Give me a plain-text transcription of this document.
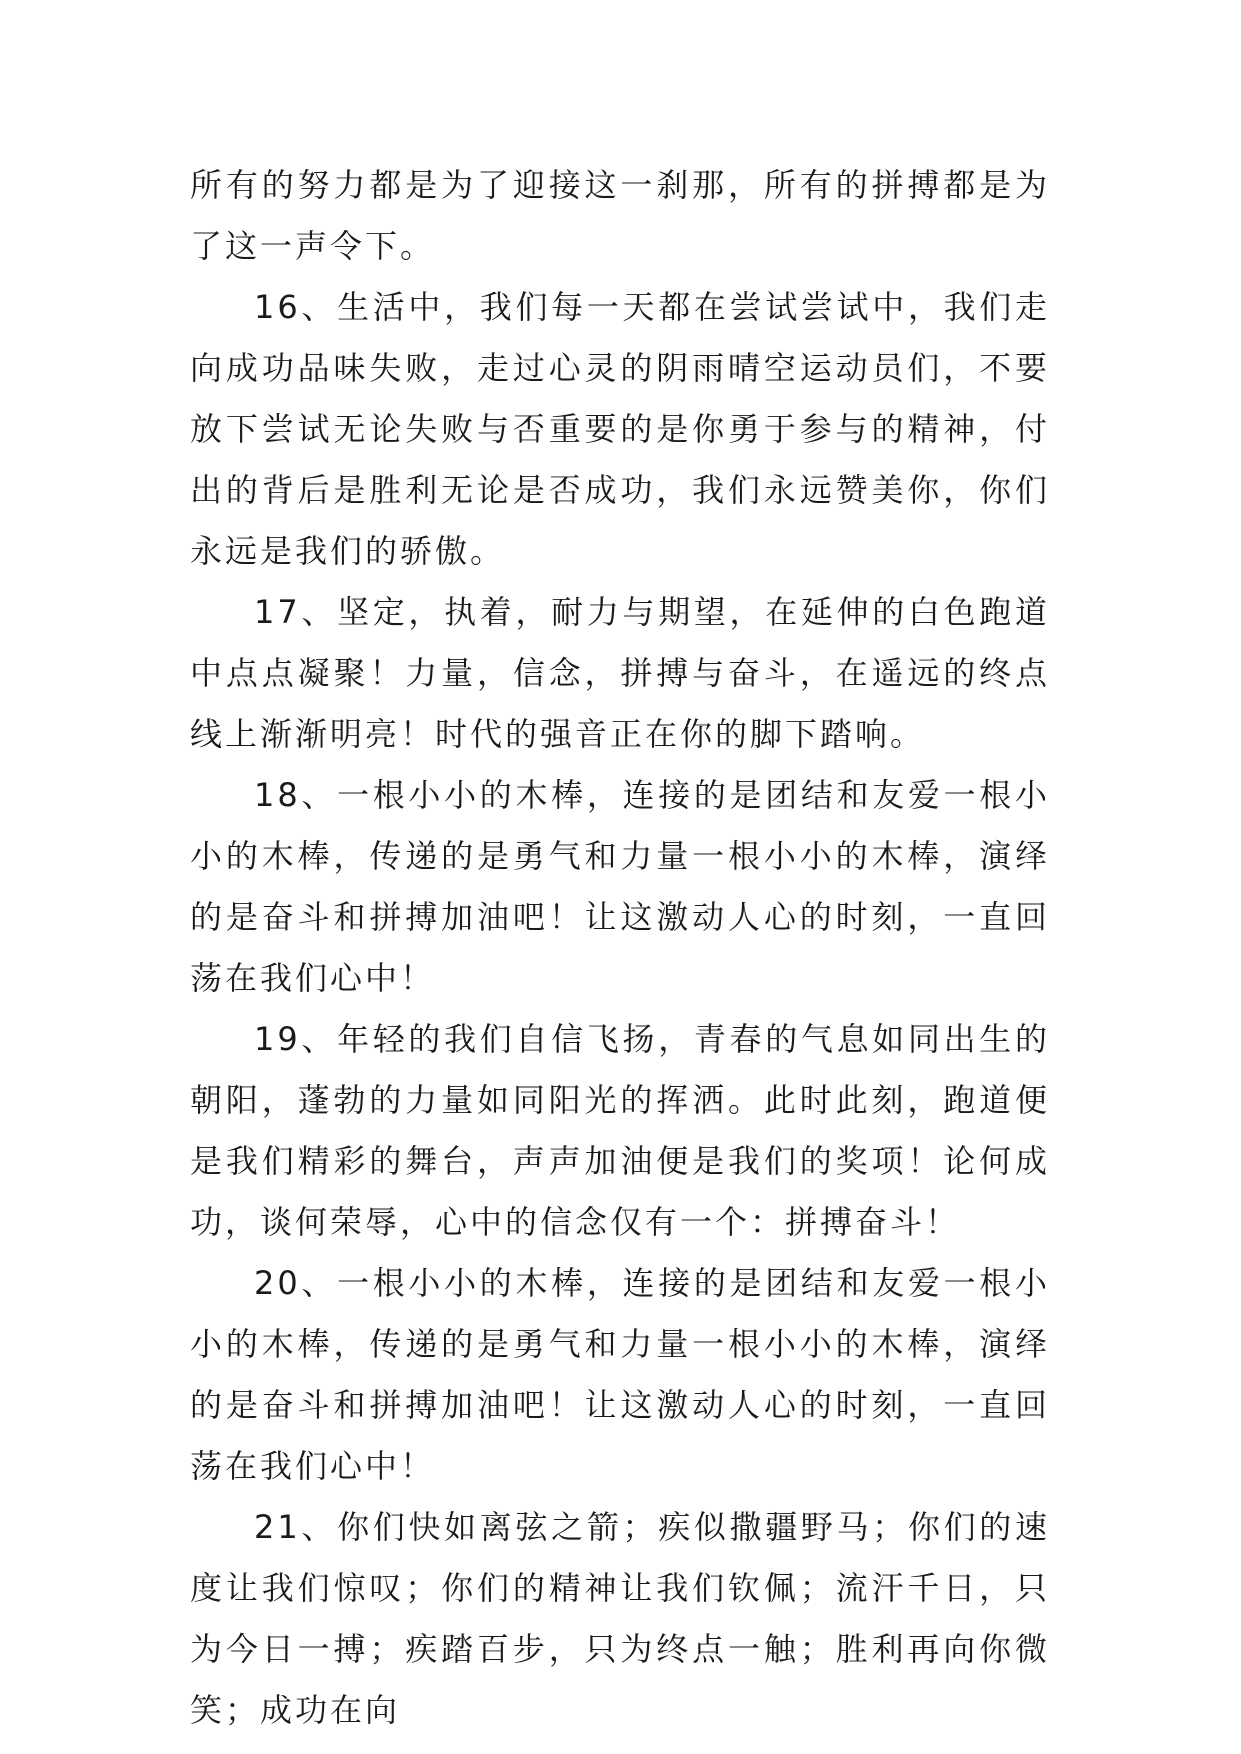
所有的努力都是为了迎接这一刹那，所有的拼搏都是为了这一声令下。

16、生活中，我们每一天都在尝试尝试中，我们走向成功品味失败，走过心灵的阴雨晴空运动员们，不要放下尝试无论失败与否重要的是你勇于参与的精神，付出的背后是胜利无论是否成功，我们永远赞美你，你们永远是我们的骄傲。

17、坚定，执着，耐力与期望，在延伸的白色跑道中点点凝聚！力量，信念，拼搏与奋斗，在遥远的终点线上渐渐明亮！时代的强音正在你的脚下踏响。

18、一根小小的木棒，连接的是团结和友爱一根小小的木棒，传递的是勇气和力量一根小小的木棒，演绎的是奋斗和拼搏加油吧！让这激动人心的时刻，一直回荡在我们心中！

19、年轻的我们自信飞扬，青春的气息如同出生的朝阳，蓬勃的力量如同阳光的挥洒。此时此刻，跑道便是我们精彩的舞台，声声加油便是我们的奖项！论何成功，谈何荣辱，心中的信念仅有一个：拼搏奋斗！

20、一根小小的木棒，连接的是团结和友爱一根小小的木棒，传递的是勇气和力量一根小小的木棒，演绎的是奋斗和拼搏加油吧！让这激动人心的时刻，一直回荡在我们心中！

21、你们快如离弦之箭；疾似撒疆野马；你们的速度让我们惊叹；你们的精神让我们钦佩；流汗千日，只为今日一搏；疾踏百步，只为终点一触；胜利再向你微笑；成功在向
